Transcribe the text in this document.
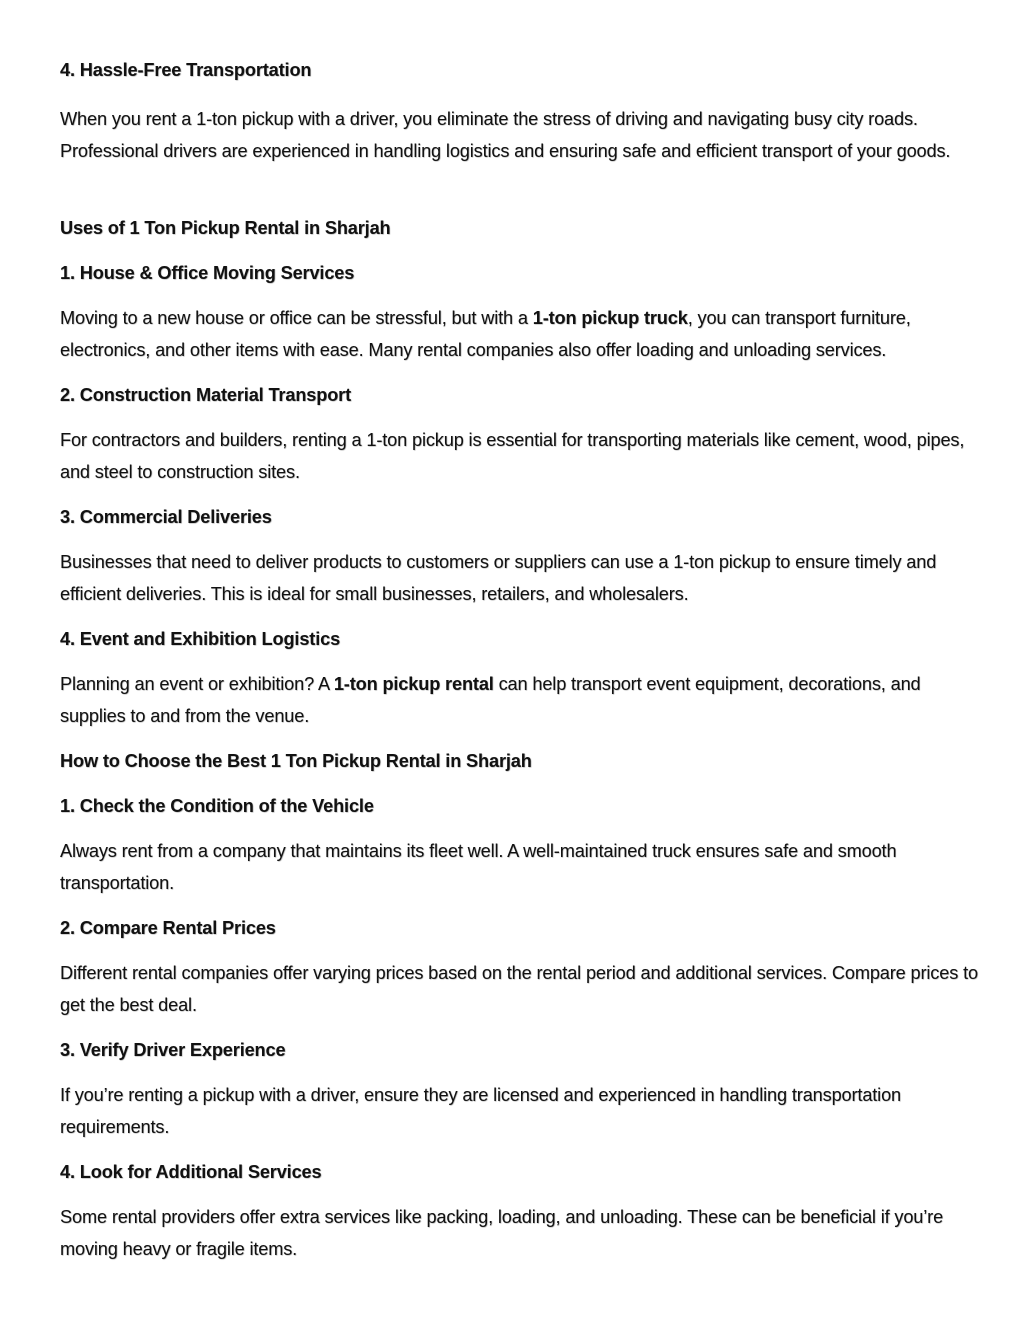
4. Hassle-Free Transportation

When you rent a 1-ton pickup with a driver, you eliminate the stress of driving and navigating busy city roads. Professional drivers are experienced in handling logistics and ensuring safe and efficient transport of your goods.

Uses of 1 Ton Pickup Rental in Sharjah
1. House & Office Moving Services

Moving to a new house or office can be stressful, but with a 1-ton pickup truck, you can transport furniture, electronics, and other items with ease. Many rental companies also offer loading and unloading services.

2. Construction Material Transport

For contractors and builders, renting a 1-ton pickup is essential for transporting materials like cement, wood, pipes, and steel to construction sites.

3. Commercial Deliveries

Businesses that need to deliver products to customers or suppliers can use a 1-ton pickup to ensure timely and efficient deliveries. This is ideal for small businesses, retailers, and wholesalers.

4. Event and Exhibition Logistics

Planning an event or exhibition? A 1-ton pickup rental can help transport event equipment, decorations, and supplies to and from the venue.

How to Choose the Best 1 Ton Pickup Rental in Sharjah
1. Check the Condition of the Vehicle

Always rent from a company that maintains its fleet well. A well-maintained truck ensures safe and smooth transportation.

2. Compare Rental Prices

Different rental companies offer varying prices based on the rental period and additional services. Compare prices to get the best deal.

3. Verify Driver Experience

If you’re renting a pickup with a driver, ensure they are licensed and experienced in handling transportation requirements.

4. Look for Additional Services

Some rental providers offer extra services like packing, loading, and unloading. These can be beneficial if you’re moving heavy or fragile items.
